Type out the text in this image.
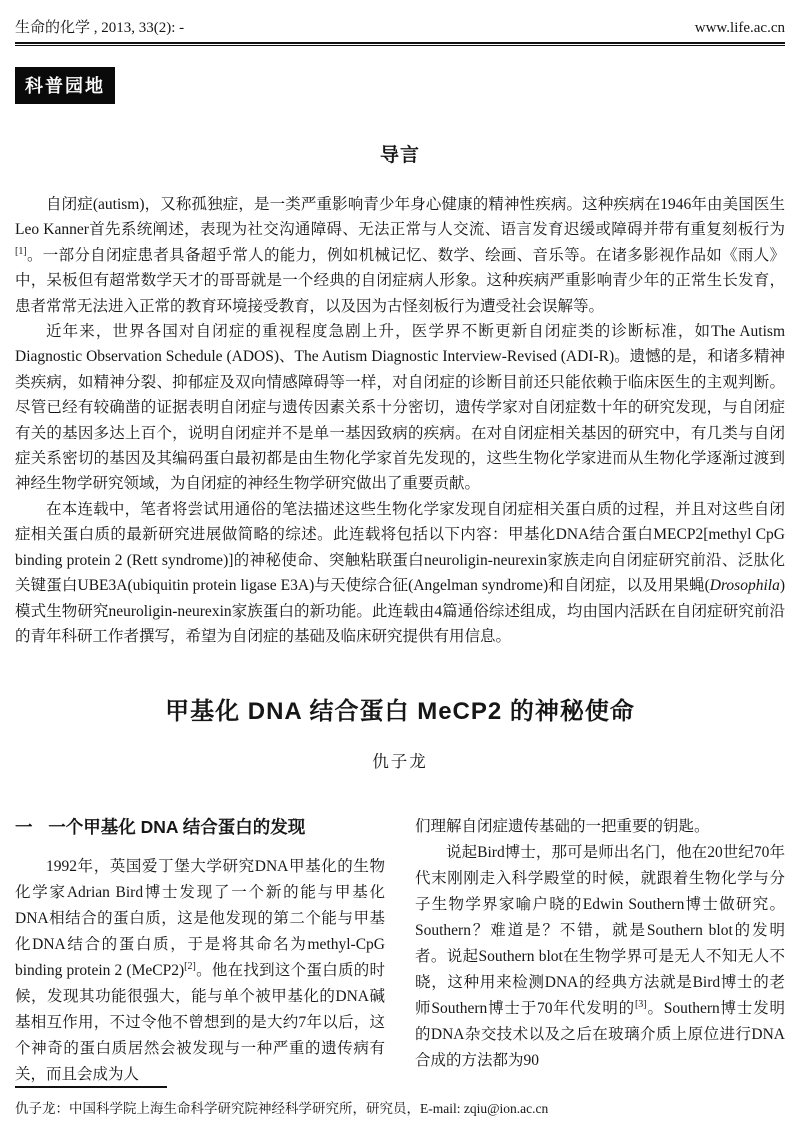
生命的化学 , 2013, 33(2): -	www.life.ac.cn
科普园地
导言

自闭症(autism)，又称孤独症，是一类严重影响青少年身心健康的精神性疾病。这种疾病在1946年由美国医生Leo Kanner首先系统阐述，表现为社交沟通障碍、无法正常与人交流、语言发育迟缓或障碍并带有重复刻板行为[1]。一部分自闭症患者具备超乎常人的能力，例如机械记忆、数学、绘画、音乐等。在诸多影视作品如《雨人》中，呆板但有超常数学天才的哥哥就是一个经典的自闭症病人形象。这种疾病严重影响青少年的正常生长发育，患者常常无法进入正常的教育环境接受教育，以及因为古怪刻板行为遭受社会误解等。

近年来，世界各国对自闭症的重视程度急剧上升，医学界不断更新自闭症类的诊断标准，如The Autism Diagnostic Observation Schedule (ADOS)、The Autism Diagnostic Interview-Revised (ADI-R)。遗憾的是，和诸多精神类疾病，如精神分裂、抑郁症及双向情感障碍等一样，对自闭症的诊断目前还只能依赖于临床医生的主观判断。尽管已经有较确凿的证据表明自闭症与遗传因素关系十分密切，遗传学家对自闭症数十年的研究发现，与自闭症有关的基因多达上百个，说明自闭症并不是单一基因致病的疾病。在对自闭症相关基因的研究中，有几类与自闭症关系密切的基因及其编码蛋白最初都是由生物化学家首先发现的，这些生物化学家进而从生物化学逐渐过渡到神经生物学研究领域，为自闭症的神经生物学研究做出了重要贡献。

在本连载中，笔者将尝试用通俗的笔法描述这些生物化学家发现自闭症相关蛋白质的过程，并且对这些自闭症相关蛋白质的最新研究进展做简略的综述。此连载将包括以下内容：甲基化DNA结合蛋白MECP2[methyl CpG binding protein 2 (Rett syndrome)]的神秘使命、突触粘联蛋白neuroligin-neurexin家族走向自闭症研究前沿、泛肽化关键蛋白UBE3A(ubiquitin protein ligase E3A)与天使综合征(Angelman syndrome)和自闭症，以及用果蝇(Drosophila)模式生物研究neuroligin-neurexin家族蛋白的新功能。此连载由4篇通俗综述组成，均由国内活跃在自闭症研究前沿的青年科研工作者撰写，希望为自闭症的基础及临床研究提供有用信息。

甲基化 DNA 结合蛋白 MeCP2 的神秘使命
仇子龙
一 一个甲基化 DNA 结合蛋白的发现

1992年，英国爱丁堡大学研究DNA甲基化的生物化学家Adrian Bird博士发现了一个新的能与甲基化DNA相结合的蛋白质，这是他发现的第二个能与甲基化DNA结合的蛋白质，于是将其命名为methyl-CpG binding protein 2 (MeCP2)[2]。他在找到这个蛋白质的时候，发现其功能很强大，能与单个被甲基化的DNA碱基相互作用，不过令他不曾想到的是大约7年以后，这个神奇的蛋白质居然会被发现与一种严重的遗传病有关，而且会成为人

们理解自闭症遗传基础的一把重要的钥匙。

说起Bird博士，那可是师出名门，他在20世纪70年代末刚刚走入科学殿堂的时候，就跟着生物化学与分子生物学界家喻户晓的Edwin Southern博士做研究。Southern？难道是？不错，就是Southern blot的发明者。说起Southern blot在生物学界可是无人不知无人不晓，这种用来检测DNA的经典方法就是Bird博士的老师Southern博士于70年代发明的[3]。Southern博士发明的DNA杂交技术以及之后在玻璃介质上原位进行DNA合成的方法都为90

仇子龙：中国科学院上海生命科学研究院神经科学研究所，研究员，E-mail: zqiu@ion.ac.cn
